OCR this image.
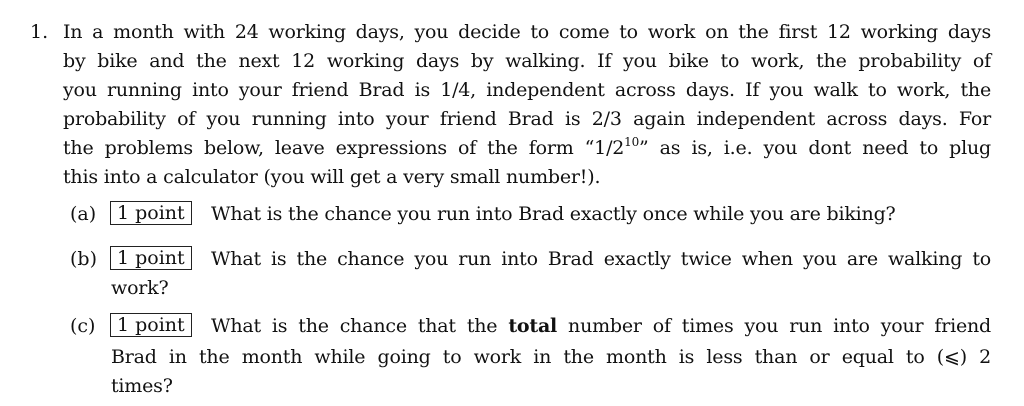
1. In a month with 24 working days, you decide to come to work on the first 12 working days
by bike and the next 12 working days by walking. If you bike to work, the probability of
you running into your friend Brad is 1/4, independent across days. If you walk to work, the
probability of you running into your friend Brad is 2/3 again independent across days. For
the problems below, leave expressions of the form “$1/2^{10}$” as is, i.e. you dont need to plug
this into a calculator (you will get a very small number!).
(a)	1 point	What is the chance you run into Brad exactly once while you are biking?
(b)	1 point	What is the chance you run into Brad exactly twice when you are walking to
work?
(c)	1 point	What is the chance that the total number of times you run into your friend
Brad in the month while going to work in the month is less than or equal to (⩽) 2
times?
